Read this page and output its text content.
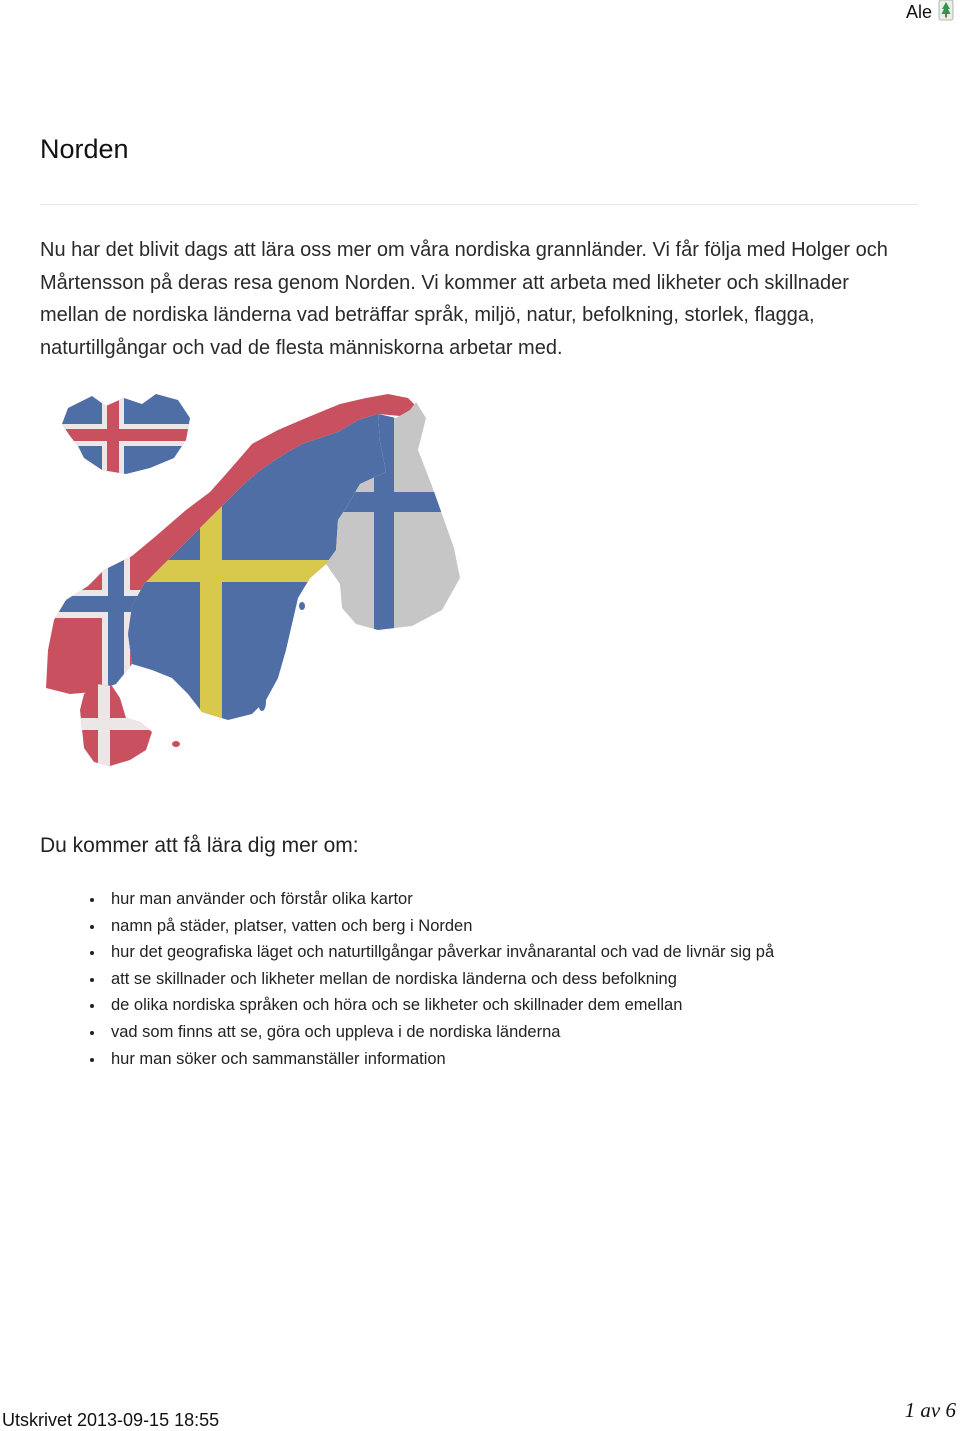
Ale
Norden

Nu har det blivit dags att lära oss mer om våra nordiska grannländer. Vi får följa med Holger och Mårtensson på deras resa genom Norden. Vi kommer att arbeta med likheter och skillnader mellan de nordiska länderna vad beträffar språk, miljö, natur, befolkning, storlek, flagga, naturtillgångar och vad de flesta människorna arbetar med.

Du kommer att få lära dig mer om:
hur man använder och förstår olika kartor
namn på städer, platser, vatten och berg i Norden
hur det geografiska läget och naturtillgångar påverkar invånarantal och vad de livnär sig på
att se skillnader och likheter mellan de nordiska länderna och dess befolkning
de olika nordiska språken och höra och se likheter och skillnader dem emellan
vad som finns att se, göra och uppleva i de nordiska länderna
hur man söker och sammanställer information
Utskrivet 2013-09-15 18:55	1 av 6
